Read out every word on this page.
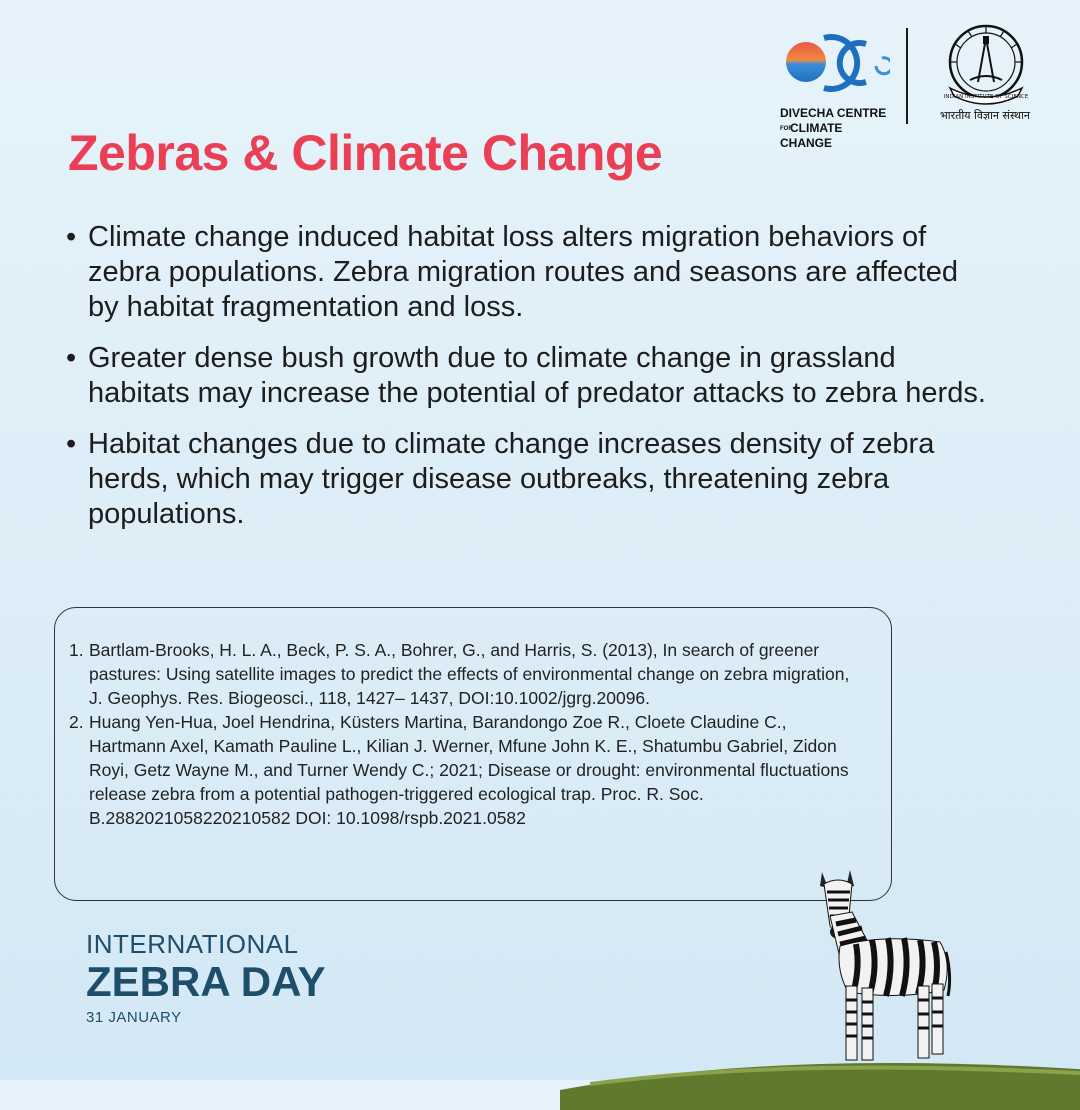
DIVECHA CENTRE
FORCLIMATE CHANGE
INDIAN INSTITUTE OF SCIENCE
भारतीय विज्ञान संस्थान
Zebras & Climate Change
• Climate change induced habitat loss alters migration behaviors of zebra populations. Zebra migration routes and seasons are affected by habitat fragmentation and loss.
• Greater dense bush growth due to climate change in grassland habitats may increase the potential of predator attacks to zebra herds.
• Habitat changes due to climate change increases density of zebra herds, which may trigger disease outbreaks, threatening zebra populations.
1. Bartlam-Brooks, H. L. A., Beck, P. S. A., Bohrer, G., and Harris, S. (2013), In search of greener pastures: Using satellite images to predict the effects of environmental change on zebra migration, J. Geophys. Res. Biogeosci., 118, 1427– 1437, DOI:10.1002/jgrg.20096.
2. Huang Yen-Hua, Joel Hendrina, Küsters Martina, Barandongo Zoe R., Cloete Claudine C., Hartmann Axel, Kamath Pauline L., Kilian J. Werner, Mfune John K. E., Shatumbu Gabriel, Zidon Royi, Getz Wayne M., and Turner Wendy C.; 2021; Disease or drought: environmental fluctuations release zebra from a potential pathogen-triggered ecological trap. Proc. R. Soc. B.2882021058220210582 DOI: 10.1098/rspb.2021.0582
INTERNATIONAL
ZEBRA DAY
31 JANUARY
